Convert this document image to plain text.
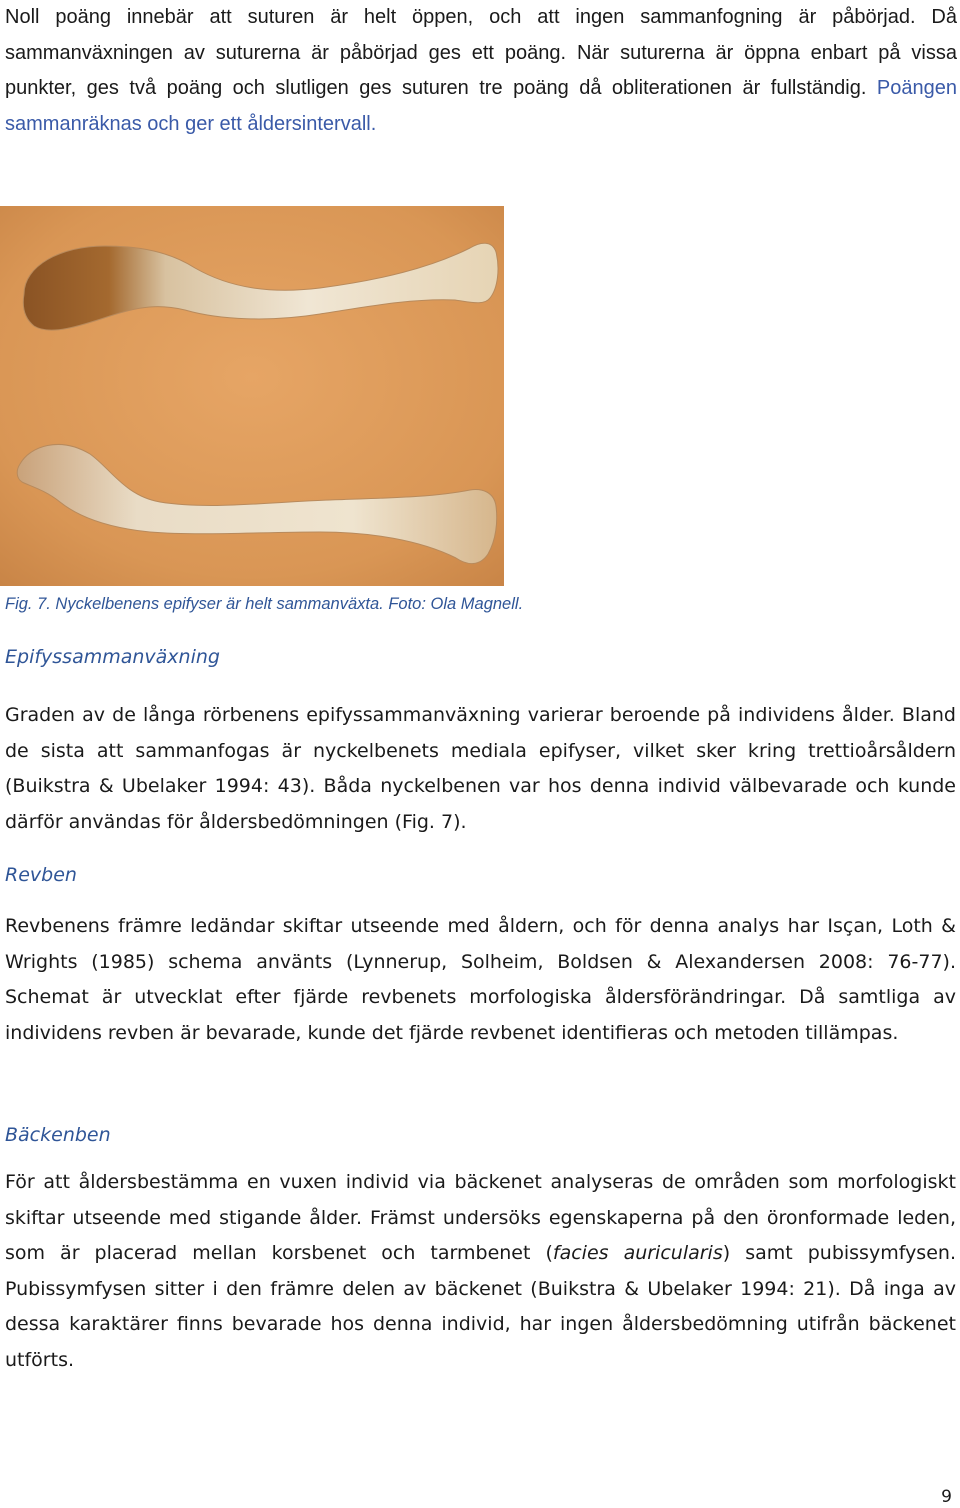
Noll poäng innebär att suturen är helt öppen, och att ingen sammanfogning är påbörjad. Då sammanväxningen av suturerna är påbörjad ges ett poäng. När suturerna är öppna enbart på vissa punkter, ges två poäng och slutligen ges suturen tre poäng då obliterationen är fullständig. Poängen sammanräknas och ger ett åldersintervall.

Fig. 7. Nyckelbenens epifyser är helt sammanväxta. Foto: Ola Magnell.

Epifyssammanväxning

Graden av de långa rörbenens epifyssammanväxning varierar beroende på individens ålder. Bland de sista att sammanfogas är nyckelbenets mediala epifyser, vilket sker kring trettioårsåldern (Buikstra & Ubelaker 1994: 43). Båda nyckelbenen var hos denna individ välbevarade och kunde därför användas för åldersbedömningen (Fig. 7).

Revben

Revbenens främre ledändar skiftar utseende med åldern, och för denna analys har Isçan, Loth & Wrights (1985) schema använts (Lynnerup, Solheim, Boldsen & Alexandersen 2008: 76-77). Schemat är utvecklat efter fjärde revbenets morfologiska åldersförändringar. Då samtliga av individens revben är bevarade, kunde det fjärde revbenet identifieras och metoden tillämpas.

Bäckenben

För att åldersbestämma en vuxen individ via bäckenet analyseras de områden som morfologiskt skiftar utseende med stigande ålder. Främst undersöks egenskaperna på den öronformade leden, som är placerad mellan korsbenet och tarmbenet (facies auricularis) samt pubissymfysen. Pubissymfysen sitter i den främre delen av bäckenet (Buikstra & Ubelaker 1994: 21). Då inga av dessa karaktärer finns bevarade hos denna individ, har ingen åldersbedömning utifrån bäckenet utförts.

9
